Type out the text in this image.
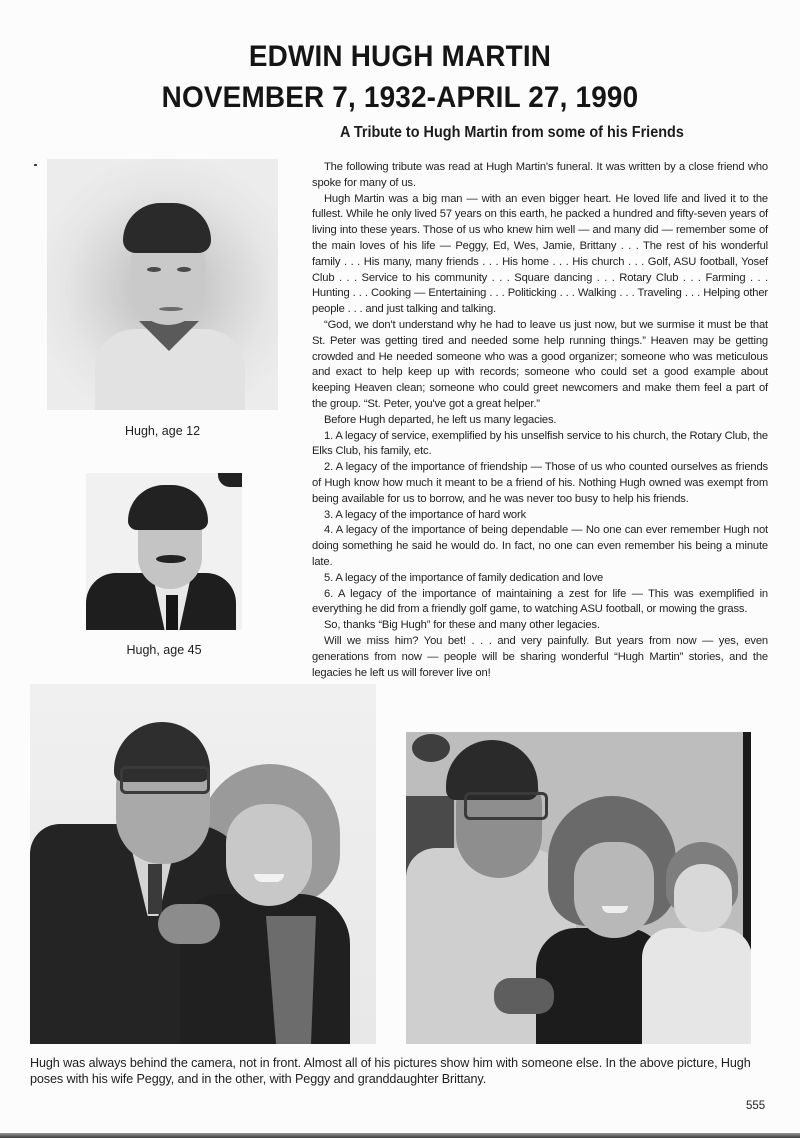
EDWIN HUGH MARTIN
NOVEMBER 7, 1932-APRIL 27, 1990
A Tribute to Hugh Martin from some of his Friends

The following tribute was read at Hugh Martin's funeral. It was written by a close friend who spoke for many of us.

Hugh Martin was a big man — with an even bigger heart. He loved life and lived it to the fullest. While he only lived 57 years on this earth, he packed a hundred and fifty-seven years of living into these years. Those of us who knew him well — and many did — remember some of the main loves of his life — Peggy, Ed, Wes, Jamie, Brittany . . . The rest of his wonderful family . . . His many, many friends . . . His home . . . His church . . . Golf, ASU football, Yosef Club . . . Service to his community . . . Square dancing . . . Rotary Club . . . Farming . . . Hunting . . . Cooking — Entertaining . . . Politicking . . . Walking . . . Traveling . . . Helping other people . . . and just talking and talking.

“God, we don't understand why he had to leave us just now, but we surmise it must be that St. Peter was getting tired and needed some help running things.” Heaven may be getting crowded and He needed someone who was a good organizer; someone who was meticulous and exact to help keep up with records; someone who could set a good example about keeping Heaven clean; someone who could greet newcomers and make them feel a part of the group. “St. Peter, you've got a great helper.”

Before Hugh departed, he left us many legacies.

1. A legacy of service, exemplified by his unselfish service to his church, the Rotary Club, the Elks Club, his family, etc.

2. A legacy of the importance of friendship — Those of us who counted ourselves as friends of Hugh know how much it meant to be a friend of his. Nothing Hugh owned was exempt from being available for us to borrow, and he was never too busy to help his friends.

3. A legacy of the importance of hard work

4. A legacy of the importance of being dependable — No one can ever remember Hugh not doing something he said he would do. In fact, no one can even remember his being a minute late.

5. A legacy of the importance of family dedication and love

6. A legacy of the importance of maintaining a zest for life — This was exemplified in everything he did from a friendly golf game, to watching ASU football, or mowing the grass.

So, thanks “Big Hugh” for these and many other legacies.

Will we miss him? You bet! . . . and very painfully. But years from now — yes, even generations from now — people will be sharing wonderful “Hugh Martin” stories, and the legacies he left us will forever live on!

Hugh, age 12
Hugh, age 45
Hugh was always behind the camera, not in front. Almost all of his pictures show him with someone else. In the above picture, Hugh poses with his wife Peggy, and in the other, with Peggy and granddaughter Brittany.
555
